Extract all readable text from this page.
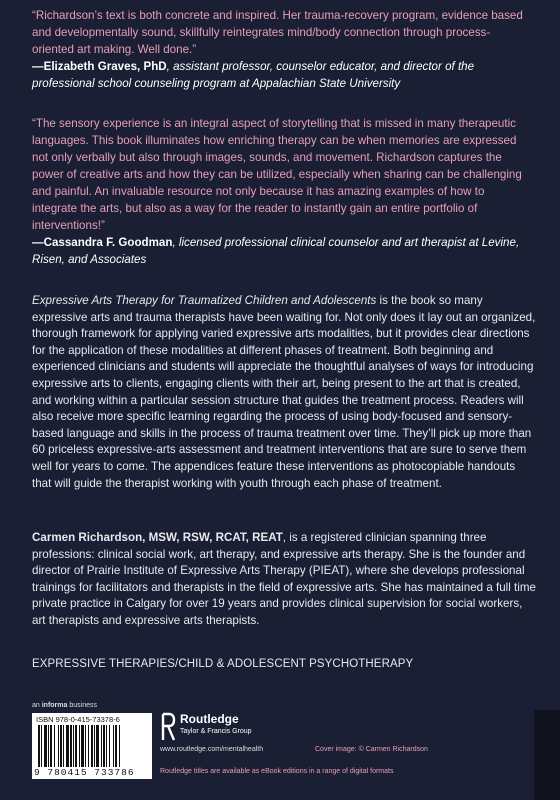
“Richardson’s text is both concrete and inspired. Her trauma-recovery program, evidence based and developmentally sound, skillfully reintegrates mind/body connection through process-oriented art making. Well done.”
—Elizabeth Graves, PhD, assistant professor, counselor educator, and director of the professional school counseling program at Appalachian State University
“The sensory experience is an integral aspect of storytelling that is missed in many therapeutic languages. This book illuminates how enriching therapy can be when memories are expressed not only verbally but also through images, sounds, and movement. Richardson captures the power of creative arts and how they can be utilized, especially when sharing can be challenging and painful. An invaluable resource not only because it has amazing examples of how to integrate the arts, but also as a way for the reader to instantly gain an entire portfolio of interventions!”
—Cassandra F. Goodman, licensed professional clinical counselor and art therapist at Levine, Risen, and Associates
Expressive Arts Therapy for Traumatized Children and Adolescents is the book so many expressive arts and trauma therapists have been waiting for. Not only does it lay out an organized, thorough framework for applying varied expressive arts modalities, but it provides clear directions for the application of these modalities at different phases of treatment. Both beginning and experienced clinicians and students will appreciate the thoughtful analyses of ways for introducing expressive arts to clients, engaging clients with their art, being present to the art that is created, and working within a particular session structure that guides the treatment process. Readers will also receive more specific learning regarding the process of using body-focused and sensory-based language and skills in the process of trauma treatment over time. They’ll pick up more than 60 priceless expressive-arts assessment and treatment interventions that are sure to serve them well for years to come. The appendices feature these interventions as photocopiable handouts that will guide the therapist working with youth through each phase of treatment.
Carmen Richardson, MSW, RSW, RCAT, REAT, is a registered clinician spanning three professions: clinical social work, art therapy, and expressive arts therapy. She is the founder and director of Prairie Institute of Expressive Arts Therapy (PIEAT), where she develops professional trainings for facilitators and therapists in the field of expressive arts. She has maintained a full time private practice in Calgary for over 19 years and provides clinical supervision for social workers, art therapists and expressive arts therapists.
EXPRESSIVE THERAPIES/CHILD & ADOLESCENT PSYCHOTHERAPY
an informa business
ISBN 978-0-415-73378-6
9 780415 733786
Routledge
Taylor & Francis Group
www.routledge.com/mentalhealth	Cover image: © Carmen Richardson
Routledge titles are available as eBook editions in a range of digital formats
